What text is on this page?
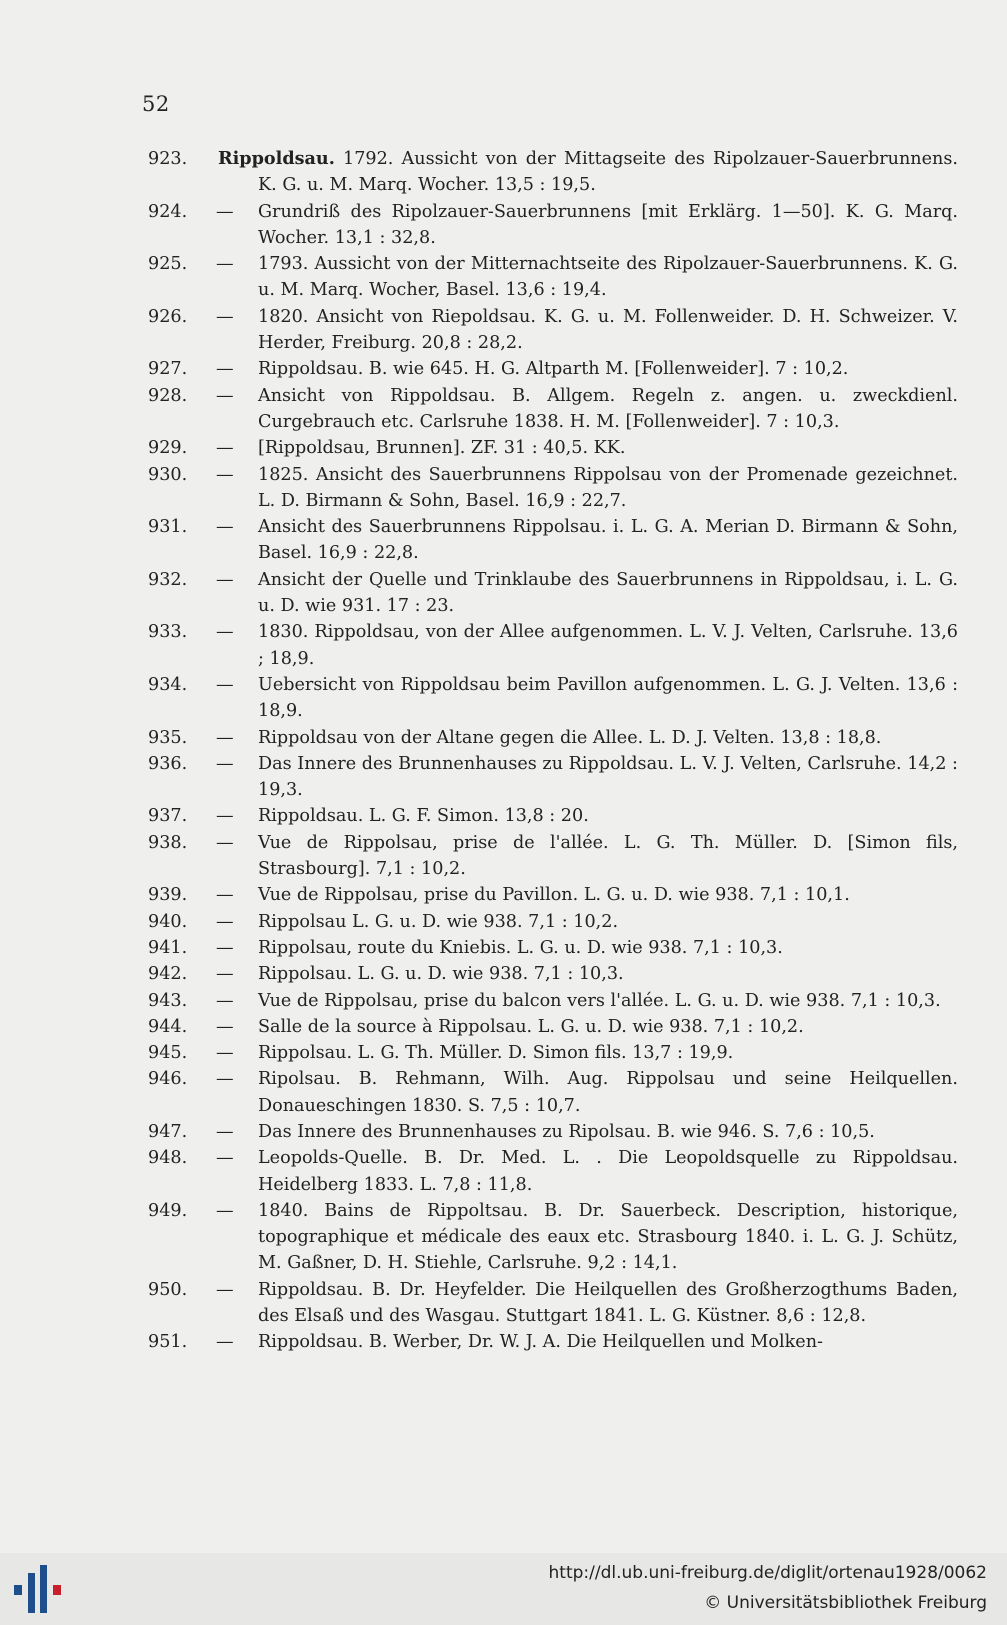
52
923.	Rippoldsau. 1792. Aussicht von der Mittagseite des Ripolzauer-Sauerbrunnens. K. G. u. M. Marq. Wocher. 13,5 : 19,5.
924.	— Grundriß des Ripolzauer-Sauerbrunnens [mit Erklärg. 1—50]. K. G. Marq. Wocher. 13,1 : 32,8.
925.	— 1793. Aussicht von der Mitternachtseite des Ripolzauer-Sauerbrunnens. K. G. u. M. Marq. Wocher, Basel. 13,6 : 19,4.
926.	— 1820. Ansicht von Riepoldsau. K. G. u. M. Follenweider. D. H. Schweizer. V. Herder, Freiburg. 20,8 : 28,2.
927.	— Rippoldsau. B. wie 645. H. G. Altparth M. [Follenweider]. 7 : 10,2.
928.	— Ansicht von Rippoldsau. B. Allgem. Regeln z. angen. u. zweckdienl. Curgebrauch etc. Carlsruhe 1838. H. M. [Follenweider]. 7 : 10,3.
929.	— [Rippoldsau, Brunnen]. ZF. 31 : 40,5. KK.
930.	— 1825. Ansicht des Sauerbrunnens Rippolsau von der Promenade gezeichnet. L. D. Birmann & Sohn, Basel. 16,9 : 22,7.
931.	— Ansicht des Sauerbrunnens Rippolsau. i. L. G. A. Merian D. Birmann & Sohn, Basel. 16,9 : 22,8.
932.	— Ansicht der Quelle und Trinklaube des Sauerbrunnens in Rippoldsau, i. L. G. u. D. wie 931. 17 : 23.
933.	— 1830. Rippoldsau, von der Allee aufgenommen. L. V. J. Velten, Carlsruhe. 13,6 ; 18,9.
934.	— Uebersicht von Rippoldsau beim Pavillon aufgenommen. L. G. J. Velten. 13,6 : 18,9.
935.	— Rippoldsau von der Altane gegen die Allee. L. D. J. Velten. 13,8 : 18,8.
936.	— Das Innere des Brunnenhauses zu Rippoldsau. L. V. J. Velten, Carlsruhe. 14,2 : 19,3.
937.	— Rippoldsau. L. G. F. Simon. 13,8 : 20.
938.	— Vue de Rippolsau, prise de l'allée. L. G. Th. Müller. D. [Simon fils, Strasbourg]. 7,1 : 10,2.
939.	— Vue de Rippolsau, prise du Pavillon. L. G. u. D. wie 938. 7,1 : 10,1.
940.	— Rippolsau L. G. u. D. wie 938. 7,1 : 10,2.
941.	— Rippolsau, route du Kniebis. L. G. u. D. wie 938. 7,1 : 10,3.
942.	— Rippolsau. L. G. u. D. wie 938. 7,1 : 10,3.
943.	— Vue de Rippolsau, prise du balcon vers l'allée. L. G. u. D. wie 938. 7,1 : 10,3.
944.	— Salle de la source à Rippolsau. L. G. u. D. wie 938. 7,1 : 10,2.
945.	— Rippolsau. L. G. Th. Müller. D. Simon fils. 13,7 : 19,9.
946.	— Ripolsau. B. Rehmann, Wilh. Aug. Rippolsau und seine Heilquellen. Donaueschingen 1830. S. 7,5 : 10,7.
947.	— Das Innere des Brunnenhauses zu Ripolsau. B. wie 946. S. 7,6 : 10,5.
948.	— Leopolds-Quelle. B. Dr. Med. L. . Die Leopoldsquelle zu Rippoldsau. Heidelberg 1833. L. 7,8 : 11,8.
949.	— 1840. Bains de Rippoltsau. B. Dr. Sauerbeck. Description, historique, topographique et médicale des eaux etc. Strasbourg 1840. i. L. G. J. Schütz, M. Gaßner, D. H. Stiehle, Carlsruhe. 9,2 : 14,1.
950.	— Rippoldsau. B. Dr. Heyfelder. Die Heilquellen des Großherzogthums Baden, des Elsaß und des Wasgau. Stuttgart 1841. L. G. Küstner. 8,6 : 12,8.
951.	— Rippoldsau. B. Werber, Dr. W. J. A. Die Heilquellen und Molken-
http://dl.ub.uni-freiburg.de/diglit/ortenau1928/0062
© Universitätsbibliothek Freiburg
